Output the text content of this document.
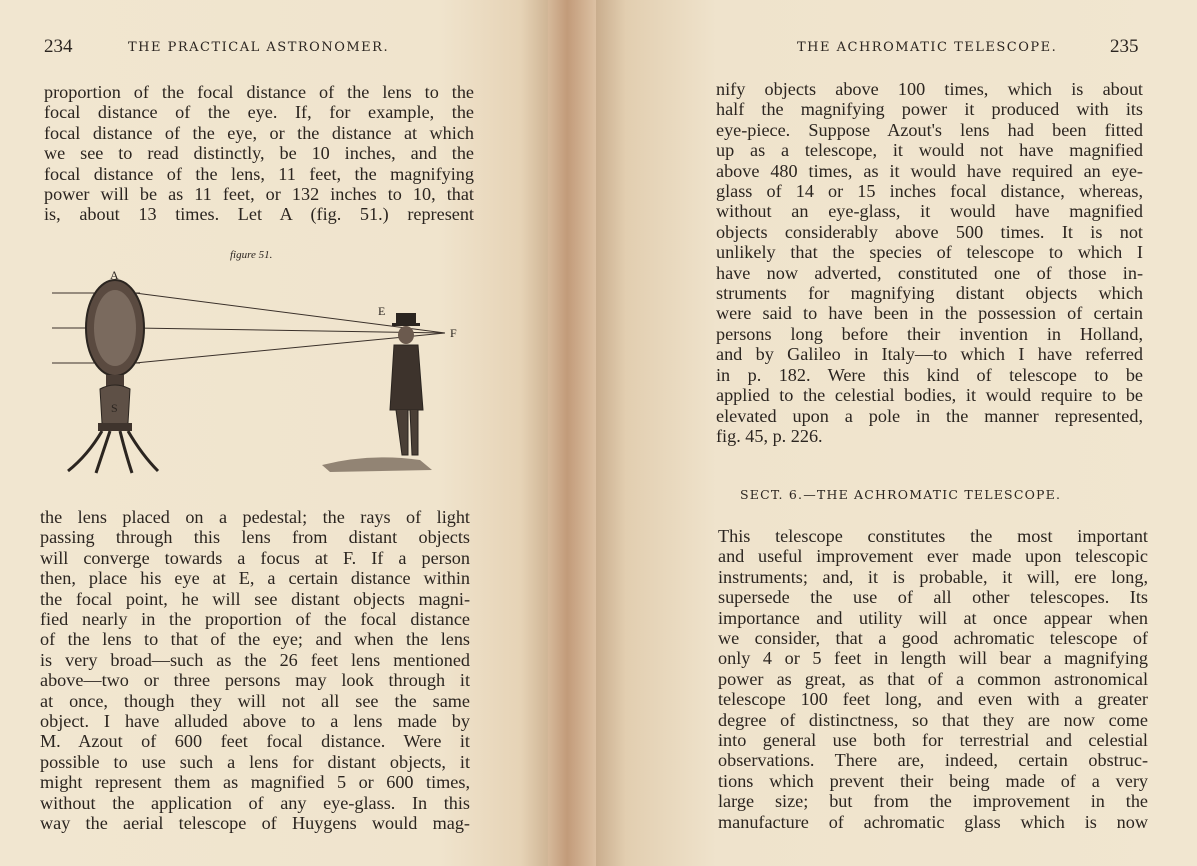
234	THE PRACTICAL ASTRONOMER.
proportion of the focal distance of the lens to the
focal distance of the eye. If, for example, the
focal distance of the eye, or the distance at which
we see to read distinctly, be 10 inches, and the
focal distance of the lens, 11 feet, the magnifying
power will be as 11 feet, or 132 inches to 10, that
is, about 13 times. Let A (fig. 51.) represent
figure 51.
S
A
E
F
the lens placed on a pedestal; the rays of light
passing through this lens from distant objects
will converge towards a focus at F. If a person
then, place his eye at E, a certain distance within
the focal point, he will see distant objects magni-
fied nearly in the proportion of the focal distance
of the lens to that of the eye; and when the lens
is very broad—such as the 26 feet lens mentioned
above—two or three persons may look through it
at once, though they will not all see the same
object. I have alluded above to a lens made by
M. Azout of 600 feet focal distance. Were it
possible to use such a lens for distant objects, it
might represent them as magnified 5 or 600 times,
without the application of any eye-glass. In this
way the aerial telescope of Huygens would mag-
THE ACHROMATIC TELESCOPE.	235
nify objects above 100 times, which is about
half the magnifying power it produced with its
eye-piece. Suppose Azout's lens had been fitted
up as a telescope, it would not have magnified
above 480 times, as it would have required an eye-
glass of 14 or 15 inches focal distance, whereas,
without an eye-glass, it would have magnified
objects considerably above 500 times. It is not
unlikely that the species of telescope to which I
have now adverted, constituted one of those in-
struments for magnifying distant objects which
were said to have been in the possession of certain
persons long before their invention in Holland,
and by Galileo in Italy—to which I have referred
in p. 182. Were this kind of telescope to be
applied to the celestial bodies, it would require to be
elevated upon a pole in the manner represented,
fig. 45, p. 226.
SECT. 6.—THE ACHROMATIC TELESCOPE.
This telescope constitutes the most important
and useful improvement ever made upon telescopic
instruments; and, it is probable, it will, ere long,
supersede the use of all other telescopes. Its
importance and utility will at once appear when
we consider, that a good achromatic telescope of
only 4 or 5 feet in length will bear a magnifying
power as great, as that of a common astronomical
telescope 100 feet long, and even with a greater
degree of distinctness, so that they are now come
into general use both for terrestrial and celestial
observations. There are, indeed, certain obstruc-
tions which prevent their being made of a very
large size; but from the improvement in the
manufacture of achromatic glass which is now
